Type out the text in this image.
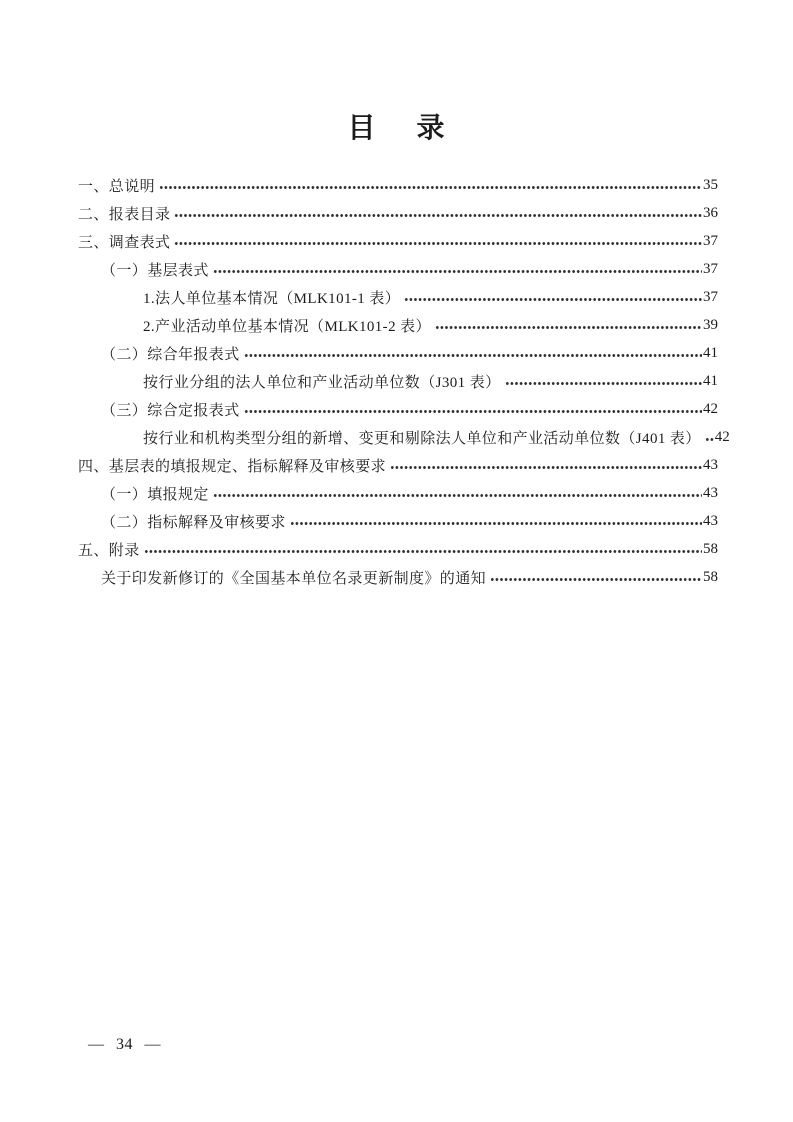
目 录
一、总说明	35
二、报表目录	36
三、调查表式	37
（一）基层表式	37
1.法人单位基本情况（MLK101-1 表）	37
2.产业活动单位基本情况（MLK101-2 表）	39
（二）综合年报表式	41
按行业分组的法人单位和产业活动单位数（J301 表）	41
（三）综合定报表式	42
按行业和机构类型分组的新增、变更和剔除法人单位和产业活动单位数（J401 表） 42
四、基层表的填报规定、指标解释及审核要求	43
（一）填报规定	43
（二）指标解释及审核要求	43
五、附录	58
关于印发新修订的《全国基本单位名录更新制度》的通知	58
— 34 —
